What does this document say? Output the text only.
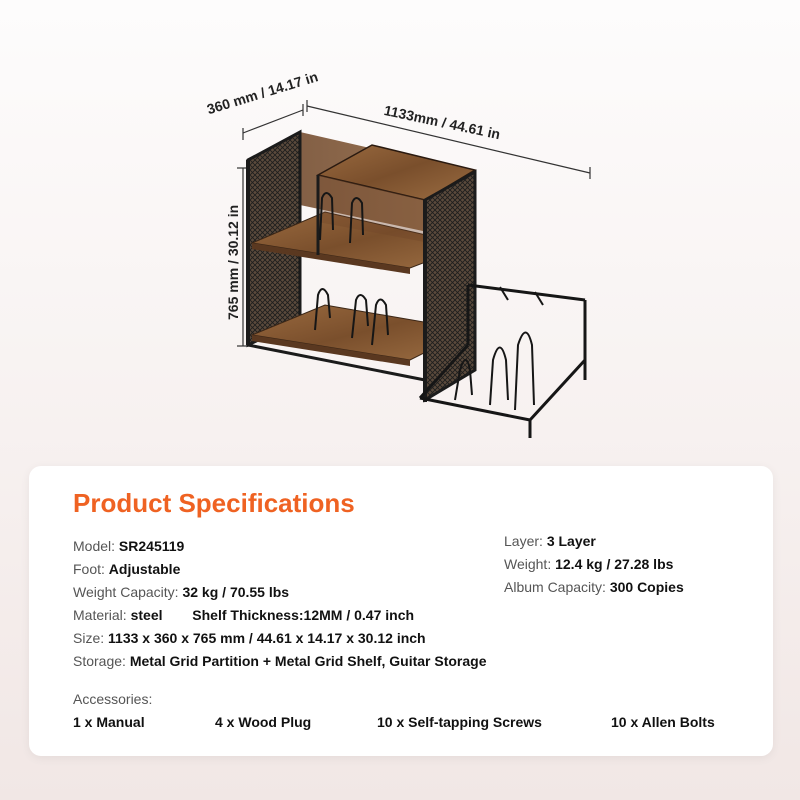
360 mm / 14.17 in
1133mm / 44.61 in
765 mm / 30.12 in
Product Specifications
Model: SR245119
Foot: Adjustable
Weight Capacity: 32 kg / 70.55 lbs
Material: steel Shelf Thickness:12MM / 0.47 inch
Size: 1133 x 360 x 765 mm / 44.61 x 14.17 x 30.12 inch
Storage: Metal Grid Partition + Metal Grid Shelf, Guitar Storage
Layer: 3 Layer
Weight: 12.4 kg / 27.28 lbs
Album Capacity: 300 Copies
Accessories:
1 x Manual	4 x Wood Plug	10 x Self-tapping Screws	10 x Allen Bolts
